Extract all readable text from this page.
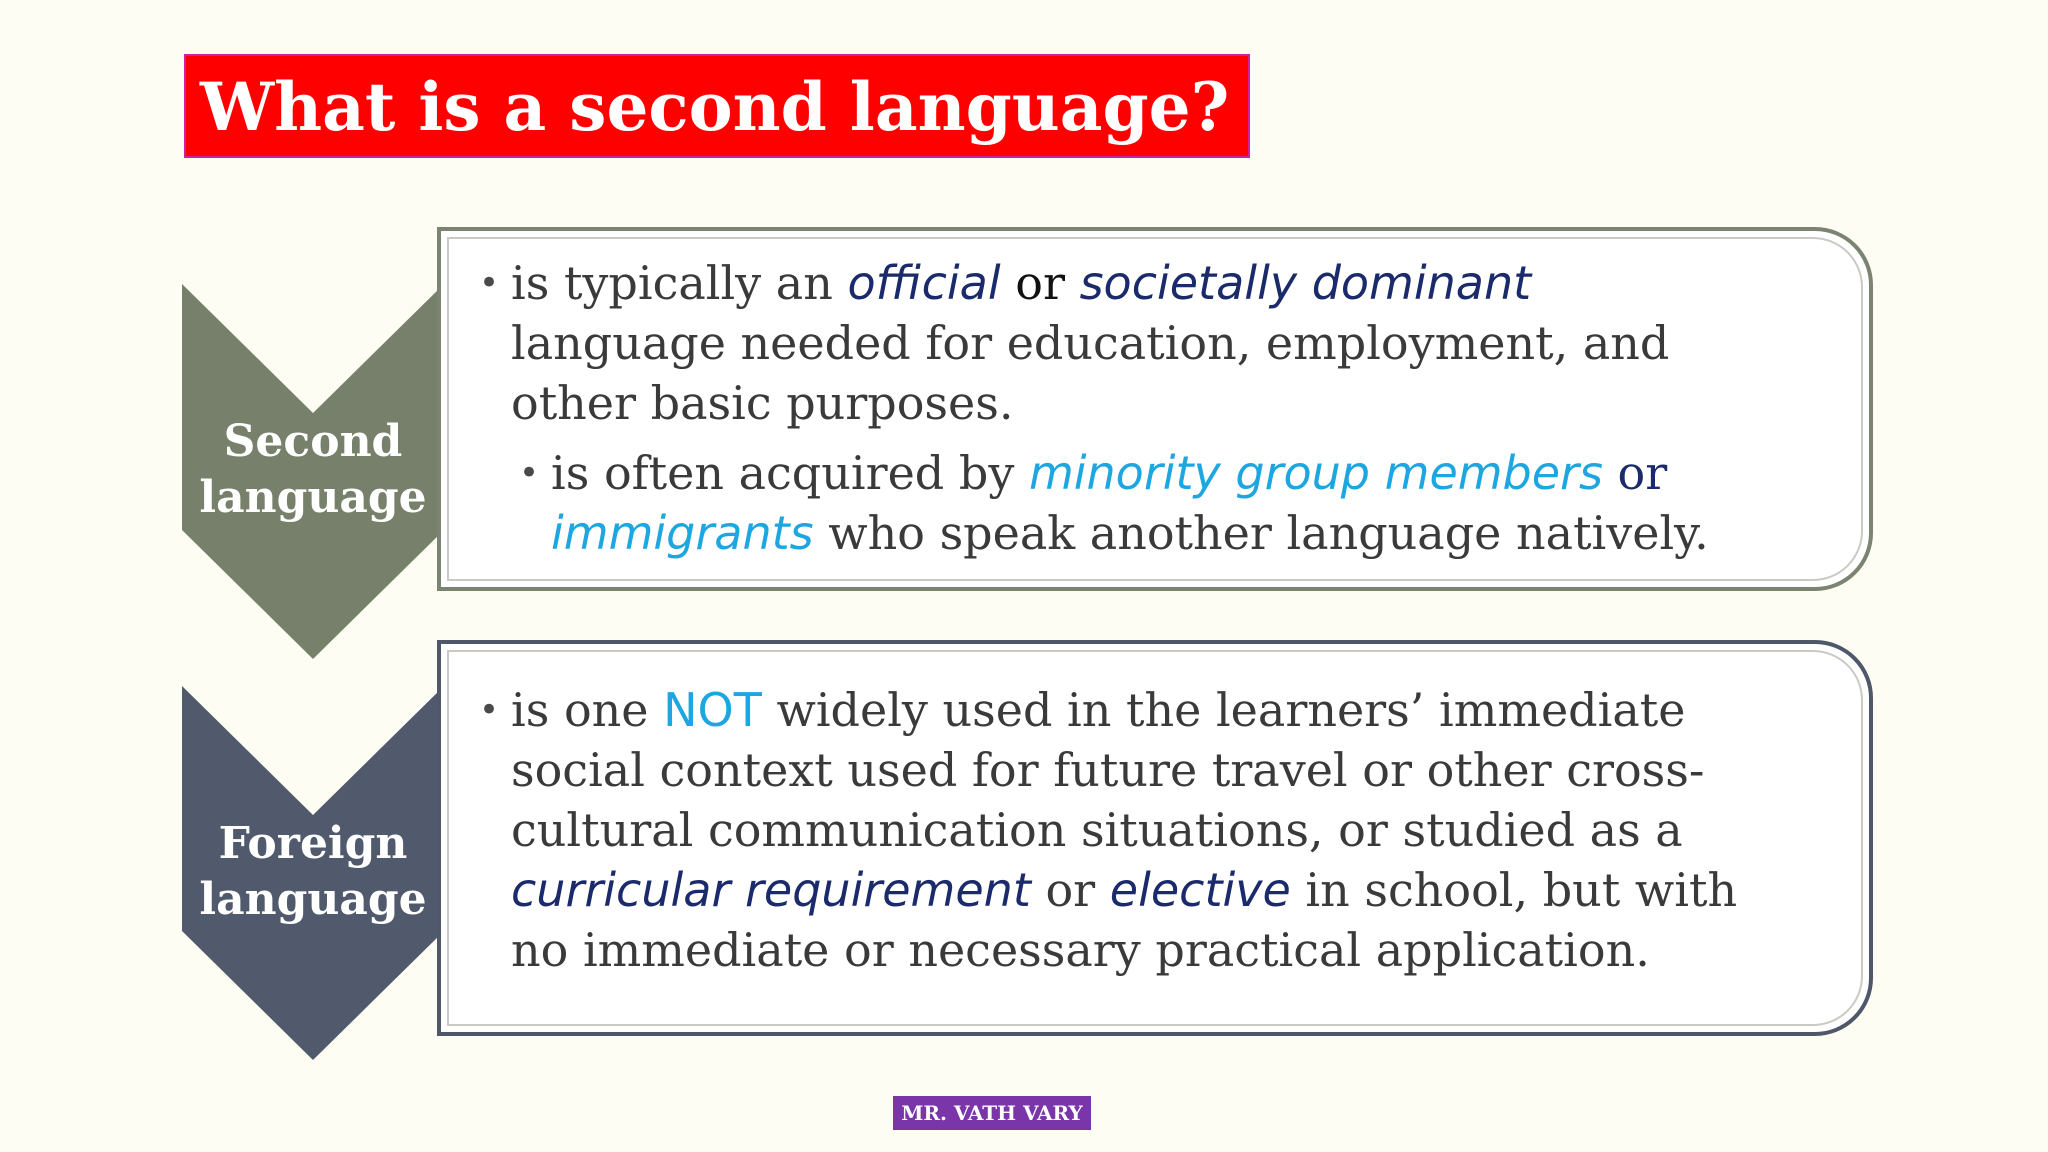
What is a second language?
Second
language
Foreign
language
• is typically an official or societally dominant
language needed for education, employment, and
other basic purposes.
• is often acquired by minority group members or
immigrants who speak another language natively.
• is one NOT widely used in the learners’ immediate
social context used for future travel or other cross-
cultural communication situations, or studied as a
curricular requirement or elective in school, but with
no immediate or necessary practical application.
MR. VATH VARY
